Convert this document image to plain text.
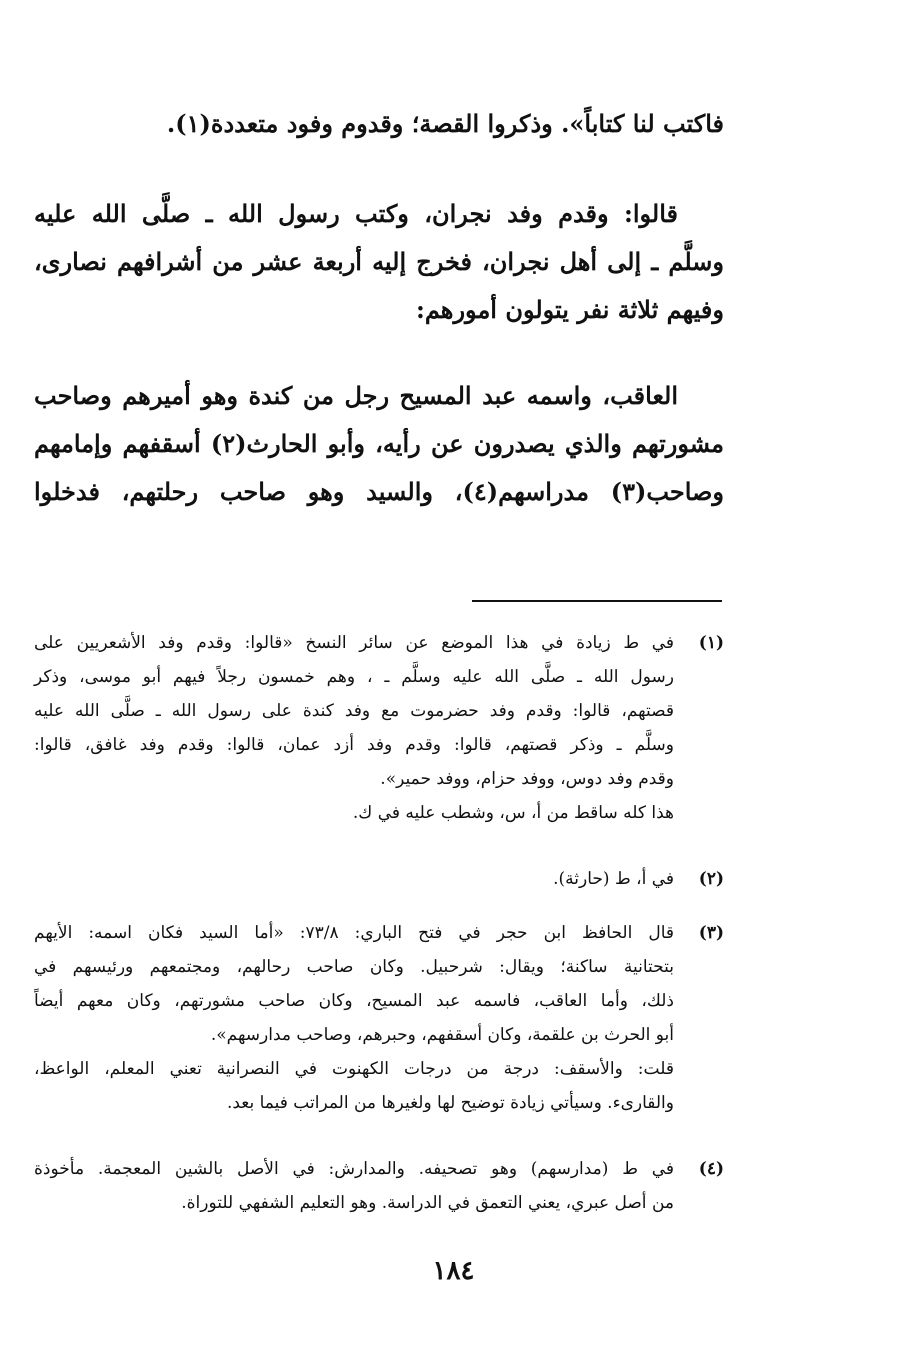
فاكتب لنا كتاباً». وذكروا القصة؛ وقدوم وفود متعددة(١).
قالوا: وقدم وفد نجران، وكتب رسول الله ـ صلَّى الله عليه
وسلَّم ـ إلى أهل نجران، فخرج إليه أربعة عشر من أشرافهم نصارى،
وفيهم ثلاثة نفر يتولون أمورهم:
العاقب، واسمه عبد المسيح رجل من كندة وهو أميرهم وصاحب
مشورتهم والذي يصدرون عن رأيه، وأبو الحارث(٢) أسقفهم وإمامهم
وصاحب(٣) مدراسهم(٤)، والسيد وهو صاحب رحلتهم، فدخلوا
(١)
في ط زيادة في هذا الموضع عن سائر النسخ «قالوا: وقدم وفد الأشعريين على
رسول الله ـ صلَّى الله عليه وسلَّم ـ ، وهم خمسون رجلاً فيهم أبو موسى، وذكر
قصتهم، قالوا: وقدم وفد حضرموت مع وفد كندة على رسول الله ـ صلَّى الله عليه
وسلَّم ـ وذكر قصتهم، قالوا: وقدم وفد أزد عمان، قالوا: وقدم وفد غافق، قالوا:
وقدم وفد دوس، ووفد حزام، ووفد حمير».
هذا كله ساقط من أ، س، وشطب عليه في ك.
(٢)
في أ، ط (حارثة).
(٣)
قال الحافظ ابن حجر في فتح الباري: ٧٣/٨: «أما السيد فكان اسمه: الأيهم
بتحتانية ساكنة؛ ويقال: شرحبيل. وكان صاحب رحالهم، ومجتمعهم ورئيسهم في
ذلك، وأما العاقب، فاسمه عبد المسيح، وكان صاحب مشورتهم، وكان معهم أيضاً
أبو الحرث بن علقمة، وكان أسقفهم، وحبرهم، وصاحب مدارسهم».
قلت: والأسقف: درجة من درجات الكهنوت في النصرانية تعني المعلم، الواعظ،
والقارىء. وسيأتي زيادة توضيح لها ولغيرها من المراتب فيما بعد.
(٤)
في ط (مدارسهم) وهو تصحيفه. والمدارش: في الأصل بالشين المعجمة. مأخوذة
من أصل عبري، يعني التعمق في الدراسة. وهو التعليم الشفهي للتوراة.
١٨٤
